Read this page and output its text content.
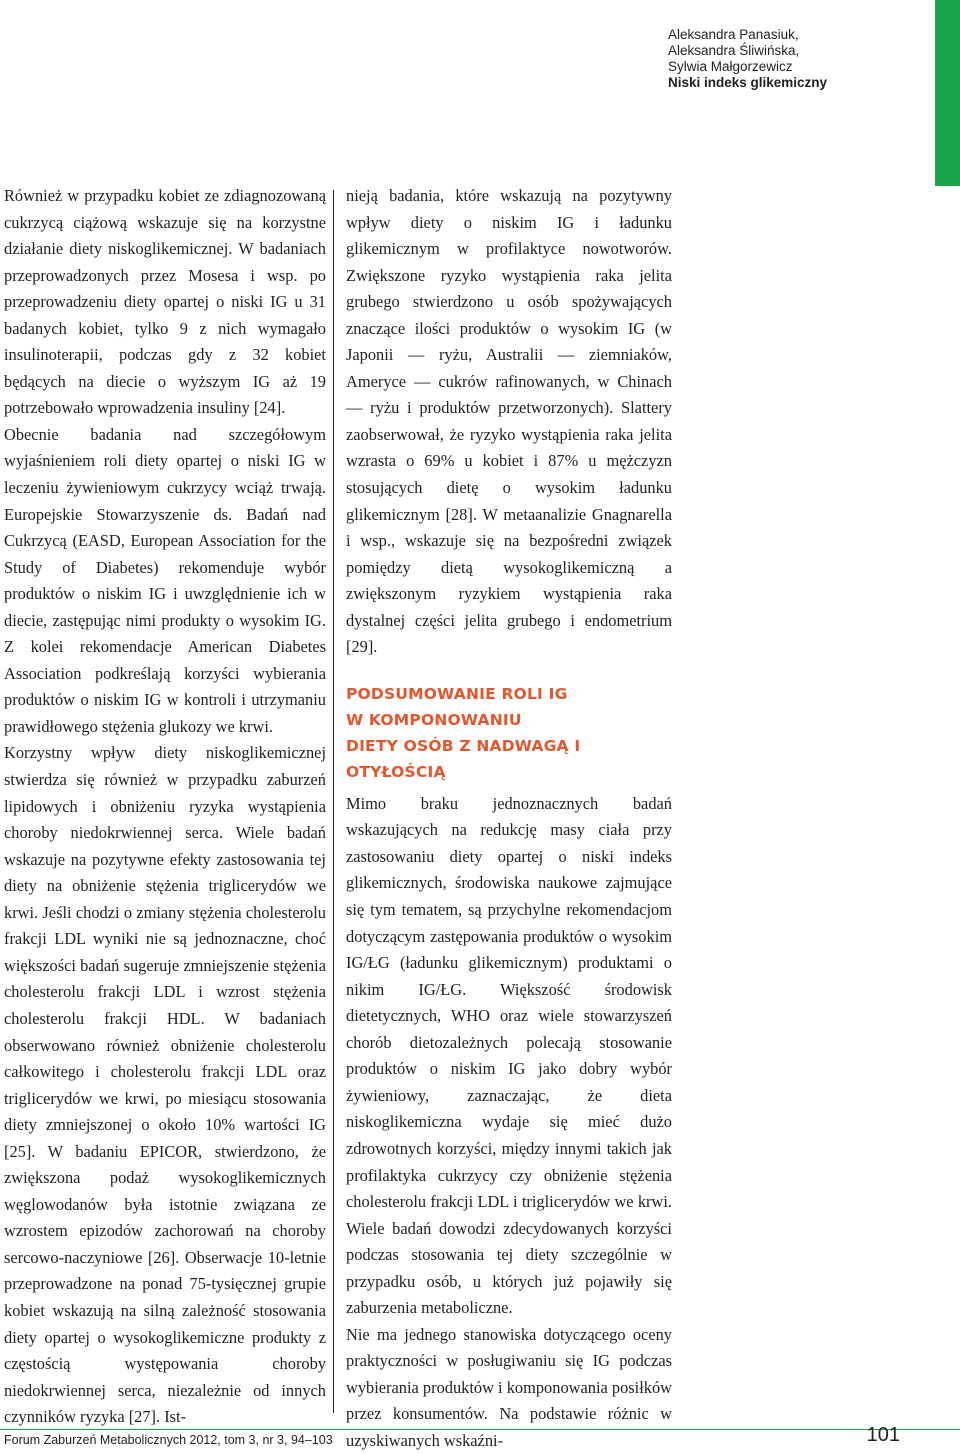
Aleksandra Panasiuk,
Aleksandra Śliwińska,
Sylwia Małgorzewicz
Niski indeks glikemiczny

Również w przypadku kobiet ze zdiagnozowaną cukrzycą ciążową wskazuje się na korzystne działanie diety niskoglikemicznej. W badaniach przeprowadzonych przez Mosesa i wsp. po przeprowadzeniu diety opartej o niski IG u 31 badanych kobiet, tylko 9 z nich wymagało insulinoterapii, podczas gdy z 32 kobiet będących na diecie o wyższym IG aż 19 potrzebowało wprowadzenia insuliny [24].

Obecnie badania nad szczegółowym wyjaśnieniem roli diety opartej o niski IG w leczeniu żywieniowym cukrzycy wciąż trwają. Europejskie Stowarzyszenie ds. Badań nad Cukrzycą (EASD, European Association for the Study of Diabetes) rekomenduje wybór produktów o niskim IG i uwzględnienie ich w diecie, zastępując nimi produkty o wysokim IG. Z kolei rekomendacje American Diabetes Association podkreślają korzyści wybierania produktów o niskim IG w kontroli i utrzymaniu prawidłowego stężenia glukozy we krwi.

Korzystny wpływ diety niskoglikemicznej stwierdza się również w przypadku zaburzeń lipidowych i obniżeniu ryzyka wystąpienia choroby niedokrwiennej serca. Wiele badań wskazuje na pozytywne efekty zastosowania tej diety na obniżenie stężenia triglicerydów we krwi. Jeśli chodzi o zmiany stężenia cholesterolu frakcji LDL wyniki nie są jednoznaczne, choć większości badań sugeruje zmniejszenie stężenia cholesterolu frakcji LDL i wzrost stężenia cholesterolu frakcji HDL. W badaniach obserwowano również obniżenie cholesterolu całkowitego i cholesterolu frakcji LDL oraz triglicerydów we krwi, po miesiącu stosowania diety zmniejszonej o około 10% wartości IG [25]. W badaniu EPICOR, stwierdzono, że zwiększona podaż wysokoglikemicznych węglowodanów była istotnie związana ze wzrostem epizodów zachorowań na choroby sercowo-naczyniowe [26]. Obserwacje 10-letnie przeprowadzone na ponad 75-tysięcznej grupie kobiet wskazują na silną zależność stosowania diety opartej o wysokoglikemiczne produkty z częstością występowania choroby niedokrwiennej serca, niezależnie od innych czynników ryzyka [27]. Ist-

nieją badania, które wskazują na pozytywny wpływ diety o niskim IG i ładunku glikemicznym w profilaktyce nowotworów. Zwiększone ryzyko wystąpienia raka jelita grubego stwierdzono u osób spożywających znaczące ilości produktów o wysokim IG (w Japonii — ryżu, Australii — ziemniaków, Ameryce — cukrów rafinowanych, w Chinach — ryżu i produktów przetworzonych). Slattery zaobserwował, że ryzyko wystąpienia raka jelita wzrasta o 69% u kobiet i 87% u mężczyzn stosujących dietę o wysokim ładunku glikemicznym [28]. W metaanalizie Gnagnarella i wsp., wskazuje się na bezpośredni związek pomiędzy dietą wysokoglikemiczną a zwiększonym ryzykiem wystąpienia raka dystalnej części jelita grubego i endometrium [29].

PODSUMOWANIE ROLI IG
W KOMPONOWANIU
DIETY OSÓB Z NADWAGĄ I OTYŁOŚCIĄ

Mimo braku jednoznacznych badań wskazujących na redukcję masy ciała przy zastosowaniu diety opartej o niski indeks glikemicznych, środowiska naukowe zajmujące się tym tematem, są przychylne rekomendacjom dotyczącym zastępowania produktów o wysokim IG/ŁG (ładunku glikemicznym) produktami o nikim IG/ŁG. Większość środowisk dietetycznych, WHO oraz wiele stowarzyszeń chorób dietozależnych polecają stosowanie produktów o niskim IG jako dobry wybór żywieniowy, zaznaczając, że dieta niskoglikemiczna wydaje się mieć dużo zdrowotnych korzyści, między innymi takich jak profilaktyka cukrzycy czy obniżenie stężenia cholesterolu frakcji LDL i triglicerydów we krwi. Wiele badań dowodzi zdecydowanych korzyści podczas stosowania tej diety szczególnie w przypadku osób, u których już pojawiły się zaburzenia metaboliczne.

Nie ma jednego stanowiska dotyczącego oceny praktyczności w posługiwaniu się IG podczas wybierania produktów i komponowania posiłków przez konsumentów. Na podstawie różnic w uzyskiwanych wskaźni-

Forum Zaburzeń Metabolicznych 2012, tom 3, nr 3, 94–103	101
